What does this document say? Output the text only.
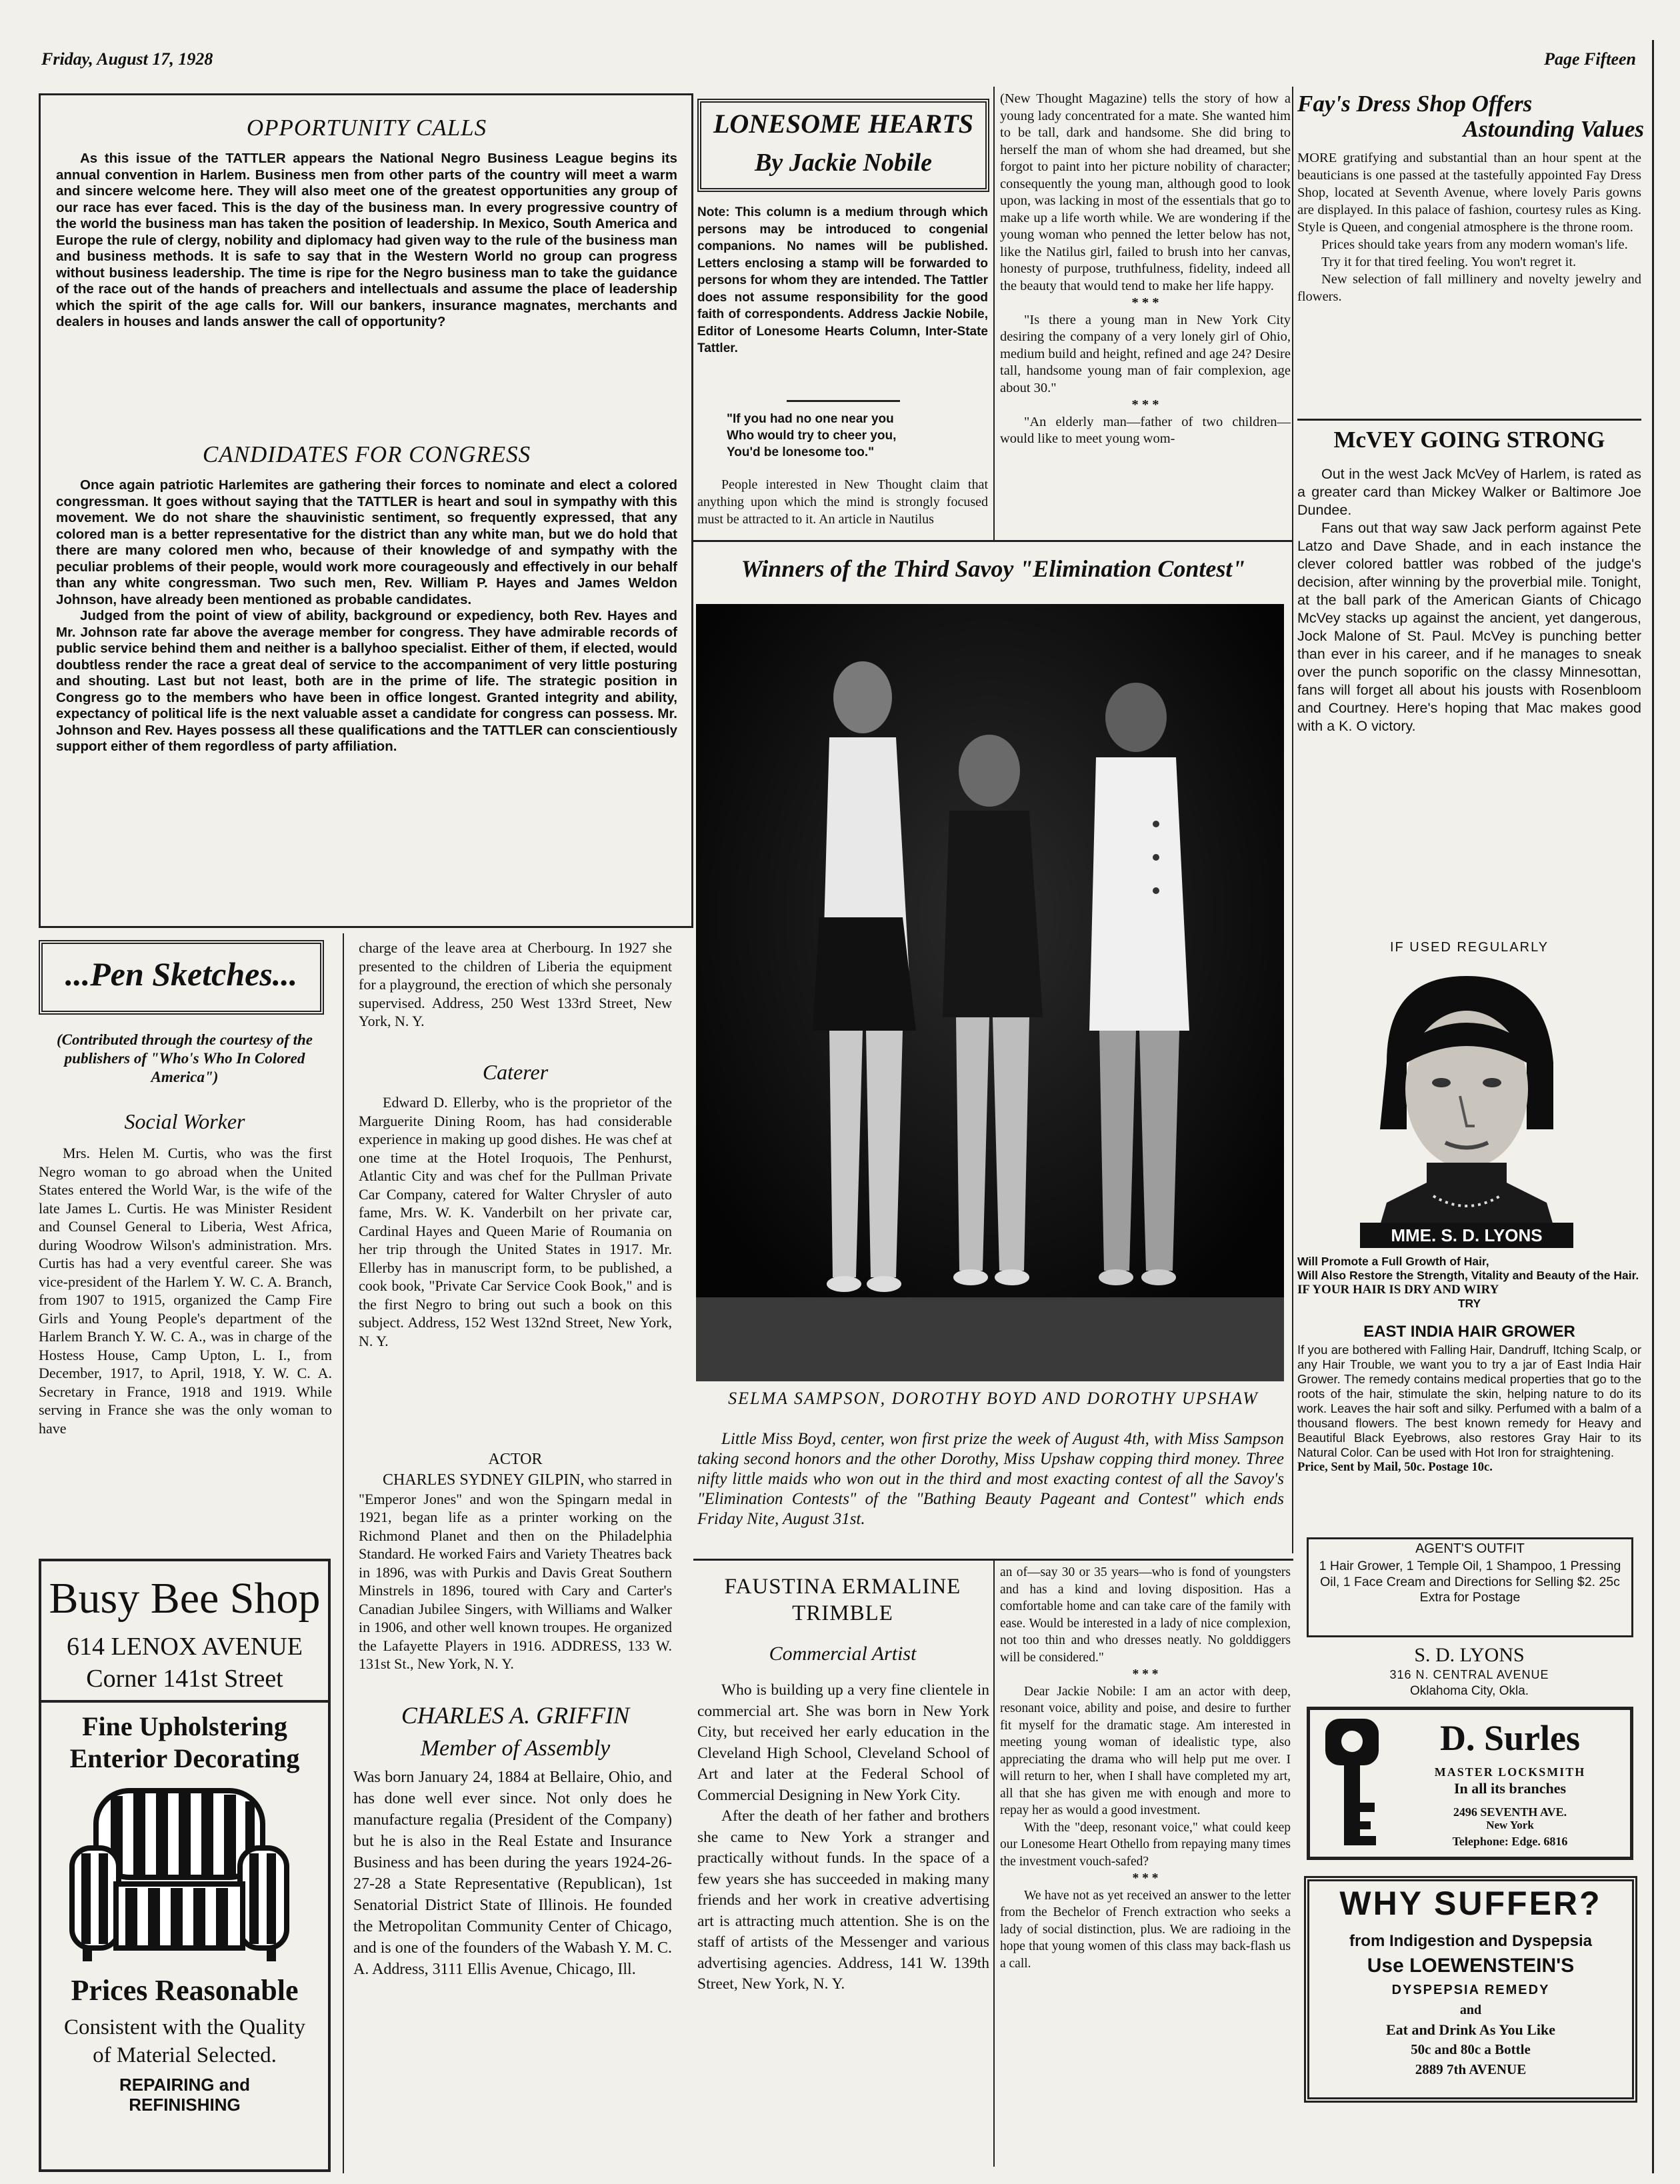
Friday, August 17, 1928	Page Fifteen
OPPORTUNITY CALLS

As this issue of the TATTLER appears the National Negro Business League begins its annual convention in Harlem. Business men from other parts of the country will meet a warm and sincere welcome here. They will also meet one of the greatest opportunities any group of our race has ever faced. This is the day of the business man. In every progressive country of the world the business man has taken the position of leadership. In Mexico, South America and Europe the rule of clergy, nobility and diplomacy had given way to the rule of the business man and business methods. It is safe to say that in the Western World no group can progress without business leadership. The time is ripe for the Negro business man to take the guidance of the race out of the hands of preachers and intellectuals and assume the place of leadership which the spirit of the age calls for. Will our bankers, insurance magnates, merchants and dealers in houses and lands answer the call of opportunity?

CANDIDATES FOR CONGRESS

Once again patriotic Harlemites are gathering their forces to nominate and elect a colored congressman. It goes without saying that the TATTLER is heart and soul in sympathy with this movement. We do not share the shauvinistic sentiment, so frequently expressed, that any colored man is a better representative for the district than any white man, but we do hold that there are many colored men who, because of their knowledge of and sympathy with the peculiar problems of their people, would work more courageously and effectively in our behalf than any white congressman. Two such men, Rev. William P. Hayes and James Weldon Johnson, have already been mentioned as probable candidates.

Judged from the point of view of ability, background or expediency, both Rev. Hayes and Mr. Johnson rate far above the average member for congress. They have admirable records of public service behind them and neither is a ballyhoo specialist. Either of them, if elected, would doubtless render the race a great deal of service to the accompaniment of very little posturing and shouting. Last but not least, both are in the prime of life. The strategic position in Congress go to the members who have been in office longest. Granted integrity and ability, expectancy of political life is the next valuable asset a candidate for congress can possess. Mr. Johnson and Rev. Hayes possess all these qualifications and the TATTLER can conscientiously support either of them regordless of party affiliation.

...Pen Sketches...
(Contributed through the courtesy of the publishers of "Who's Who In Colored America")
Social Worker

Mrs. Helen M. Curtis, who was the first Negro woman to go abroad when the United States entered the World War, is the wife of the late James L. Curtis. He was Minister Resident and Counsel General to Liberia, West Africa, during Woodrow Wilson's administration. Mrs. Curtis has had a very eventful career. She was vice-president of the Harlem Y. W. C. A. Branch, from 1907 to 1915, organized the Camp Fire Girls and Young People's department of the Harlem Branch Y. W. C. A., was in charge of the Hostess House, Camp Upton, L. I., from December, 1917, to April, 1918, Y. W. C. A. Secretary in France, 1918 and 1919. While serving in France she was the only woman to have

charge of the leave area at Cherbourg. In 1927 she presented to the children of Liberia the equipment for a playground, the erection of which she personaly supervised. Address, 250 West 133rd Street, New York, N. Y.

Caterer

Edward D. Ellerby, who is the proprietor of the Marguerite Dining Room, has had considerable experience in making up good dishes. He was chef at one time at the Hotel Iroquois, The Penhurst, Atlantic City and was chef for the Pullman Private Car Company, catered for Walter Chrysler of auto fame, Mrs. W. K. Vanderbilt on her private car, Cardinal Hayes and Queen Marie of Roumania on her trip through the United States in 1917. Mr. Ellerby has in manuscript form, to be published, a cook book, "Private Car Service Cook Book," and is the first Negro to bring out such a book on this subject. Address, 152 West 132nd Street, New York, N. Y.

ACTOR

CHARLES SYDNEY GILPIN, who starred in "Emperor Jones" and won the Spingarn medal in 1921, began life as a printer working on the Richmond Planet and then on the Philadelphia Standard. He worked Fairs and Variety Theatres back in 1896, was with Purkis and Davis Great Southern Minstrels in 1896, toured with Cary and Carter's Canadian Jubilee Singers, with Williams and Walker in 1906, and other well known troupes. He organized the Lafayette Players in 1916. ADDRESS, 133 W. 131st St., New York, N. Y.

CHARLES A. GRIFFIN
Member of Assembly

Was born January 24, 1884 at Bellaire, Ohio, and has done well ever since. Not only does he manufacture regalia (President of the Company) but he is also in the Real Estate and Insurance Business and has been during the years 1924-26-27-28 a State Representative (Republican), 1st Senatorial District State of Illinois. He founded the Metropolitan Community Center of Chicago, and is one of the founders of the Wabash Y. M. C. A. Address, 3111 Ellis Avenue, Chicago, Ill.

Busy Bee Shop
614 LENOX AVENUE
Corner 141st Street
Fine Upholstering
Enterior Decorating
Prices Reasonable
Consistent with the Quality of Material Selected.
REPAIRING and
REFINISHING
LONESOME HEARTS
By Jackie Nobile

Note: This column is a medium through which persons may be introduced to congenial companions. No names will be published. Letters enclosing a stamp will be forwarded to persons for whom they are intended. The Tattler does not assume responsibility for the good faith of correspondents. Address Jackie Nobile, Editor of Lonesome Hearts Column, Inter-State Tattler.

"If you had no one near you
Who would try to cheer you,
You'd be lonesome too."

People interested in New Thought claim that anything upon which the mind is strongly focused must be attracted to it. An article in Nautilus

(New Thought Magazine) tells the story of how a young lady concentrated for a mate. She wanted him to be tall, dark and handsome. She did bring to herself the man of whom she had dreamed, but she forgot to paint into her picture nobility of character; consequently the young man, although good to look upon, was lacking in most of the essentials that go to make up a life worth while. We are wondering if the young woman who penned the letter below has not, like the Natilus girl, failed to brush into her canvas, honesty of purpose, truthfulness, fidelity, indeed all the beauty that would tend to make her life happy.

* * *

"Is there a young man in New York City desiring the company of a very lonely girl of Ohio, medium build and height, refined and age 24? Desire tall, handsome young man of fair complexion, age about 30."

* * *

"An elderly man—father of two children—would like to meet young wom-

Winners of the Third Savoy "Elimination Contest"
SELMA SAMPSON, DOROTHY BOYD AND DOROTHY UPSHAW

Little Miss Boyd, center, won first prize the week of August 4th, with Miss Sampson taking second honors and the other Dorothy, Miss Upshaw copping third money. Three nifty little maids who won out in the third and most exacting contest of all the Savoy's "Elimination Contests" of the "Bathing Beauty Pageant and Contest" which ends Friday Nite, August 31st.

FAUSTINA ERMALINE
TRIMBLE
Commercial Artist

Who is building up a very fine clientele in commercial art. She was born in New York City, but received her early education in the Cleveland High School, Cleveland School of Art and later at the Federal School of Commercial Designing in New York City.

After the death of her father and brothers she came to New York a stranger and practically without funds. In the space of a few years she has succeeded in making many friends and her work in creative advertising art is attracting much attention. She is on the staff of artists of the Messenger and various advertising agencies. Address, 141 W. 139th Street, New York, N. Y.

an of—say 30 or 35 years—who is fond of youngsters and has a kind and loving disposition. Has a comfortable home and can take care of the family with ease. Would be interested in a lady of nice complexion, not too thin and who dresses neatly. No golddiggers will be considered."

* * *

Dear Jackie Nobile: I am an actor with deep, resonant voice, ability and poise, and desire to further fit myself for the dramatic stage. Am interested in meeting young woman of idealistic type, also appreciating the drama who will help put me over. I will return to her, when I shall have completed my art, all that she has given me with enough and more to repay her as would a good investment.

With the "deep, resonant voice," what could keep our Lonesome Heart Othello from repaying many times the investment vouch-safed?

* * *

We have not as yet received an answer to the letter from the Bechelor of French extraction who seeks a lady of social distinction, plus. We are radioing in the hope that young women of this class may back-flash us a call.

Fay's Dress Shop Offers
Astounding Values

MORE gratifying and substantial than an hour spent at the beauticians is one passed at the tastefully appointed Fay Dress Shop, located at Seventh Avenue, where lovely Paris gowns are displayed. In this palace of fashion, courtesy rules as King. Style is Queen, and congenial atmosphere is the throne room.

Prices should take years from any modern woman's life.

Try it for that tired feeling. You won't regret it.

New selection of fall millinery and novelty jewelry and flowers.

McVEY GOING STRONG

Out in the west Jack McVey of Harlem, is rated as a greater card than Mickey Walker or Baltimore Joe Dundee.

Fans out that way saw Jack perform against Pete Latzo and Dave Shade, and in each instance the clever colored battler was robbed of the judge's decision, after winning by the proverbial mile. Tonight, at the ball park of the American Giants of Chicago McVey stacks up against the ancient, yet dangerous, Jock Malone of St. Paul. McVey is punching better than ever in his career, and if he manages to sneak over the punch soporific on the classy Minnesottan, fans will forget all about his jousts with Rosenbloom and Courtney. Here's hoping that Mac makes good with a K. O victory.

IF USED REGULARLY
MME. S. D. LYONS
Will Promote a Full Growth of Hair,
Will Also Restore the Strength, Vitality and Beauty of the Hair.
IF YOUR HAIR IS DRY AND WIRY
TRY
EAST INDIA HAIR GROWER
If you are bothered with Falling Hair, Dandruff, Itching Scalp, or any Hair Trouble, we want you to try a jar of East India Hair Grower. The remedy contains medical properties that go to the roots of the hair, stimulate the skin, helping nature to do its work. Leaves the hair soft and silky. Perfumed with a balm of a thousand flowers. The best known remedy for Heavy and Beautiful Black Eyebrows, also restores Gray Hair to its Natural Color. Can be used with Hot Iron for straightening.
Price, Sent by Mail, 50c. Postage 10c.
AGENT'S OUTFIT
1 Hair Grower, 1 Temple Oil, 1 Shampoo, 1 Pressing Oil, 1 Face Cream and Directions for Selling $2. 25c Extra for Postage
S. D. LYONS
316 N. CENTRAL AVENUE
Oklahoma City, Okla.
D. Surles
MASTER LOCKSMITH
In all its branches
2496 SEVENTH AVE.
New York
Telephone: Edge. 6816
WHY SUFFER?
from Indigestion and Dyspepsia
Use LOEWENSTEIN'S
DYSPEPSIA REMEDY
and
Eat and Drink As You Like
50c and 80c a Bottle
2889 7th AVENUE
